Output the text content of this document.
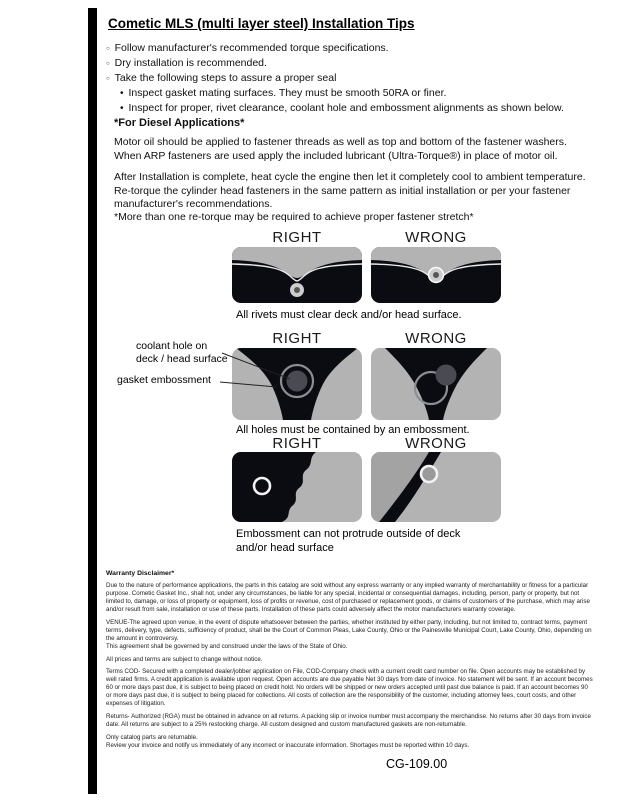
Cometic MLS (multi layer steel) Installation Tips
○ Follow manufacturer's recommended torque specifications.
○ Dry installation is recommended.
○ Take the following steps to assure a proper seal
• Inspect gasket mating surfaces. They must be smooth 50RA or finer.
• Inspect for proper, rivet clearance, coolant hole and embossment alignments as shown below.
*For Diesel Applications*
Motor oil should be applied to fastener threads as well as top and bottom of the fastener washers. When ARP fasteners are used apply the included lubricant (Ultra-Torque®) in place of motor oil.
After Installation is complete, heat cycle the engine then let it completely cool to ambient temperature. Re-torque the cylinder head fasteners in the same pattern as initial installation or per your fastener manufacturer's recommendations.
*More than one re-torque may be required to achieve proper fastener stretch*
RIGHT	WRONG
All rivets must clear deck and/or head surface.
RIGHT	WRONG
coolant hole on
deck / head surface
gasket embossment
All holes must be contained by an embossment.
RIGHT	WRONG
Embossment can not protrude outside of deck and/or head surface
Warranty Disclaimer*

Due to the nature of performance applications, the parts in this catalog are sold without any express warranty or any implied warranty of merchantability or fitness for a particular purpose. Cometic Gasket Inc., shall not, under any circumstances, be liable for any special, incidental or consequential damages, including, person, party or property, but not limited to, damage, or loss of property or equipment, loss of profits or revenue, cost of purchased or replacement goods, or claims of customers of the purchase, which may arise and/or result from sale, installation or use of these parts. Installation of these parts could adversely affect the motor manufacturers warranty coverage.

VENUE-The agreed upon venue, in the event of dispute whatsoever between the parties, whether instituted by either party, including, but not limited to, contract terms, payment terms, delivery, type, defects, sufficiency of product, shall be the Court of Common Pleas, Lake County, Ohio or the Painesville Municipal Court, Lake County, Ohio, depending on the amount in controversy.

This agreement shall be governed by and construed under the laws of the State of Ohio.

All prices and terms are subject to change without notice.

Terms COD- Secured with a completed dealer/jobber application on File, COD-Company check with a current credit card number on file. Open accounts may be established by well rated firms. A credit application is available upon request. Open accounts are due payable Net 30 days from date of invoice. No statement will be sent. If an account becomes 60 or more days past due, it is subject to being placed on credit hold. No orders will be shipped or new orders accepted until past due balance is paid. If an account becomes 90 or more days past due, it is subject to being placed for collections. All costs of collection are the responsibility of the customer, including attorney fees, court costs, and other expenses of litigation.

Returns- Authorized (RGA) must be obtained in advance on all returns. A packing slip or invoice number must accompany the merchandise. No returns after 30 days from invoice date. All returns are subject to a 25% restocking charge. All custom designed and custom manufactured gaskets are non-returnable.

Only catalog parts are returnable.

Review your invoice and notify us immediately of any incorrect or inaccurate information. Shortages must be reported within 10 days.

CG-109.00
